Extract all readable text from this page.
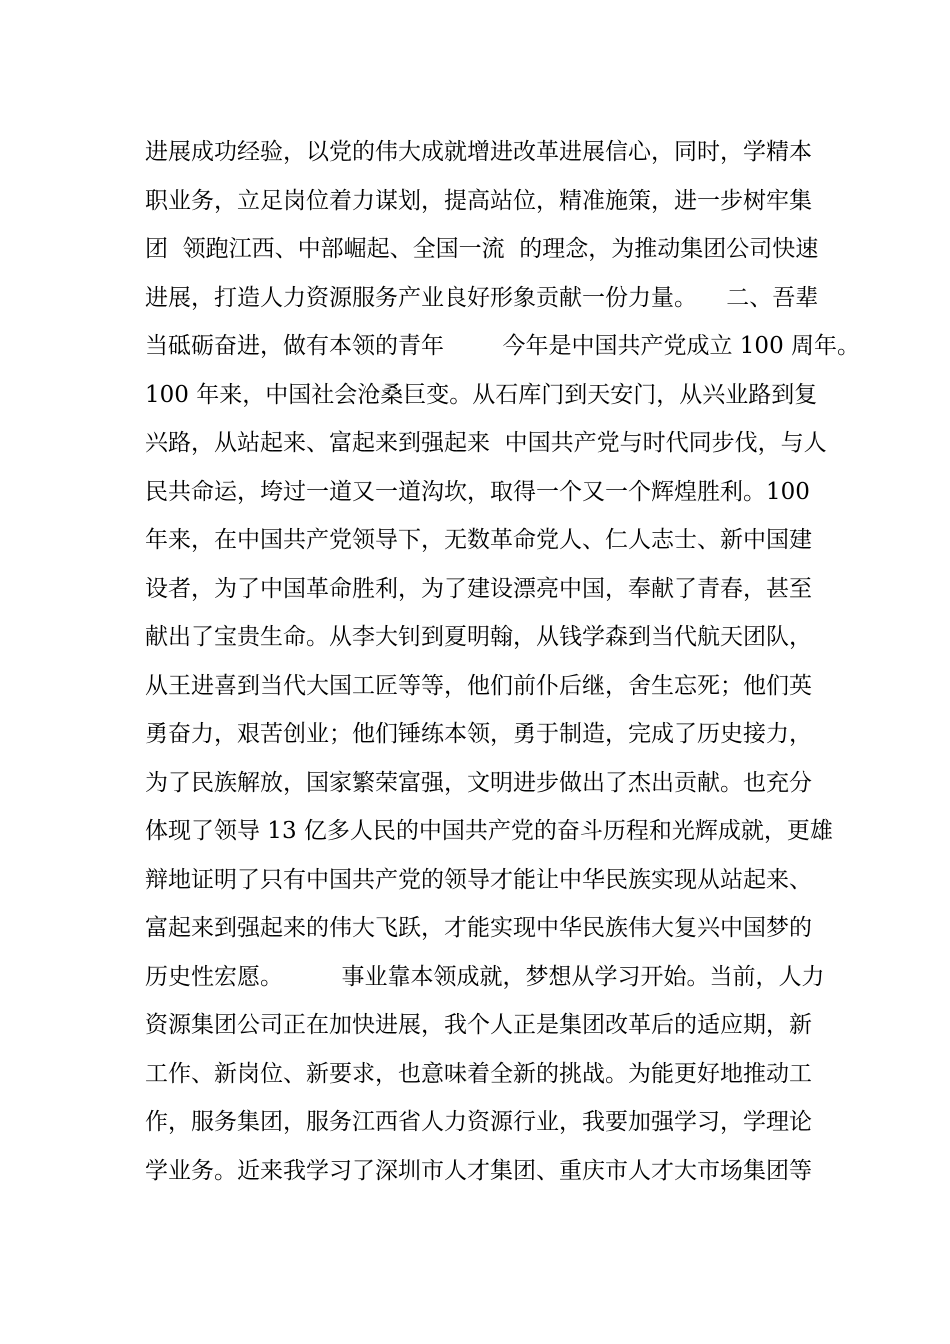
进展成功经验，以党的伟大成就增进改革进展信心，同时，学精本
职业务，立足岗位着力谋划，提高站位，精准施策，进一步树牢集
团  领跑江西、中部崛起、全国一流  的理念，为推动集团公司快速
进展，打造人力资源服务产业良好形象贡献一份力量。    二、吾辈
当砥砺奋进，做有本领的青年        今年是中国共产党成立 100 周年。
100 年来，中国社会沧桑巨变。从石库门到天安门，从兴业路到复
兴路，从站起来、富起来到强起来  中国共产党与时代同步伐，与人
民共命运，垮过一道又一道沟坎，取得一个又一个辉煌胜利。100
年来，在中国共产党领导下，无数革命党人、仁人志士、新中国建
设者，为了中国革命胜利，为了建设漂亮中国，奉献了青春，甚至
献出了宝贵生命。从李大钊到夏明翰，从钱学森到当代航天团队，
从王进喜到当代大国工匠等等，他们前仆后继，舍生忘死；他们英
勇奋力，艰苦创业；他们锤练本领，勇于制造，完成了历史接力，
为了民族解放，国家繁荣富强，文明进步做出了杰出贡献。也充分
体现了领导 13 亿多人民的中国共产党的奋斗历程和光辉成就，更雄
辩地证明了只有中国共产党的领导才能让中华民族实现从站起来、
富起来到强起来的伟大飞跃，才能实现中华民族伟大复兴中国梦的
历史性宏愿。        事业靠本领成就，梦想从学习开始。当前，人力
资源集团公司正在加快进展，我个人正是集团改革后的适应期，新
工作、新岗位、新要求，也意味着全新的挑战。为能更好地推动工
作，服务集团，服务江西省人力资源行业，我要加强学习，学理论
学业务。近来我学习了深圳市人才集团、重庆市人才大市场集团等
